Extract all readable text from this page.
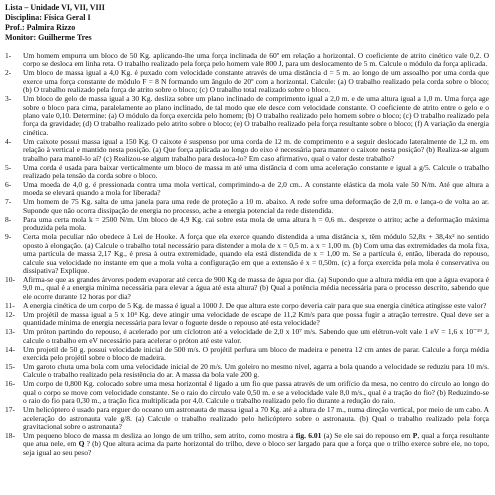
Lista – Unidade VI, VII, VIII
Disciplina: Física Geral I
Prof.: Palmira Rizzo
Monitor: Guilherme Tres
1-	Um homem empurra um bloco de 50 Kg. aplicando-lhe uma força inclinada de 60º em relação a horizontal. O coeficiente de atrito cinético vale 0,2. O corpo se desloca em linha reta. O trabalho realizado pela força pelo homem vale 800 J, para um deslocamento de 5 m. Calcule o módulo da força aplicada.
2-	Um bloco de massa igual a 4,0 Kg. é puxado com velocidade constante através de uma distância d = 5 m. ao longo de um assoalho por uma corda que exerce uma força constante de módulo F = 8 N formando um ângulo de 20º com a horizontal. Calcule: (a) O trabalho realizado pela corda sobre o bloco; (b) O trabalho realizado pela força de atrito sobre o bloco; (c) O trabalho total realizado sobre o bloco.
3-	Um bloco de gelo de massa igual a 30 Kg. desliza sobre um plano inclinado de comprimento igual a 2,0 m. e de uma altura igual a 1,0 m. Uma força age sobre o bloco para cima, paralelamente ao plano inclinado, de tal modo que ele desce com velocidade constante. O coeficiente de atrito entre o gelo e o plano vale 0,10. Determine: (a) O módulo da força exercida pelo homem; (b) O trabalho realizado pelo homem sobre o bloco; (c) O trabalho realizado pela força da gravidade; (d) O trabalho realizado pelo atrito sobre o bloco; (e) O trabalho realizado pela força resultante sobre o bloco; (f) A variação da energia cinética.
4-	Um caixote possui massa igual a 150 Kg. O caixote é suspenso por uma corda de 12 m. de comprimento e a seguir deslocado lateralmente de 1,2 m. em relação à vertical e mantido nesta posição. (a) Que força aplicada ao longo do eixo é necessária para manter o caixote nesta posição? (b) Realiza-se algum trabalho para mantê-lo aí? (c) Realizou-se algum trabalho para desloca-lo? Em caso afirmativo, qual o valor deste trabalho?
5-	Uma corda é usada para baixar verticalmente um bloco de massa m até uma distância d com uma aceleração constante e igual a g/5. Calcule o trabalho realizado pela tensão da corda sobre o bloco.
6-	Uma moeda de 4,0 g. é pressionada contra uma mola vertical, comprimindo-a de 2,0 cm.. A constante elástica da mola vale 50 N/m. Até que altura a moeda se elevará quando a mola for liberada?
7-	Um homem de 75 Kg. salta de uma janela para uma rede de proteção a 10 m. abaixo. A rede sofre uma deformação de 2,0 m. e lança-o de volta ao ar. Suponde que não ocorra dissipação de energia no processo, ache a energia potencial da rede distendida.
8-	Para uma certa mola k = 2500 N/m. Um bloco de 4,9 Kg. cai sobre esta mola de uma altura h = 0,6 m.. despreze o atrito; ache a deformação máxima produzida pela mola.
9-	Certa mola peculiar não obedece à Lei de Hooke. A força que ela exerce quando distendida a uma distância x, têm módulo 52,8x + 38,4x² no sentido oposto à elongação. (a) Calcule o trabalho total necessário para distender a mola de x = 0,5 m. a x = 1,00 m. (b) Com uma das extremidades da mola fixa, uma partícula de massa 2,17 Kg., é presa à outra extremidade, quando ela está distendida de x = 1,00 m. Se a partícula é, então, liberada do repouso, calcule sua velocidade no instante em que a mola volta a configuração em que a extensão é x = 0,50m. (c) a força exercida pela mola é conservativa ou dissipativa? Explique.
10-	Afirma-se que as grandes árvores podem evaporar até cerca de 900 Kg de massa de água por dia. (a) Supondo que a altura média em que a água evapora é 9,0 m., qual é a energia mínima necessária para elevar a água até esta altura? (b) Qual a potência média necessária para o processo descrito, sabendo que ele ocorre durante 12 horas por dia?
11-	A energia cinética de um corpo de 5 Kg. de massa é igual a 1000 J. De que altura este corpo deveria cair para que sua energia cinética atingisse este valor?
12-	Um projétil de massa igual a 5 x 10⁴ Kg. deve atingir uma velocidade de escape de 11,2 Km/s para que possa fugir a atração terrestre. Qual deve ser a quantidade mínima de energia necessária para levar o foguete desde o repouso até esta velocidade?
13-	Um próton partindo do repouso, é acelerado por um cíclotron até a velocidade de 2,0 x 10⁷ m/s. Sabendo que um elétron-volt vale 1 eV = 1,6 x 10⁻¹⁹ J, calcule o trabalho em eV necessário para acelerar o próton até este valor.
14-	Um projetil de 50 g. possui velocidade inicial de 500 m/s. O projétil perfura um bloco de madeira e penetra 12 cm antes de parar. Calcule a força média exercida pelo projétil sobre o bloco de madeira.
15-	Um garoto chuta uma bola com uma velocidade inicial de 20 m/s. Um goleiro no mesmo nível, agarra a bola quando a velocidade se reduziu para 10 m/s. Calcule o trabalho realizado pela resistência do ar. A massa da bola vale 200 g.
16-	Um corpo de 0,800 Kg. colocado sobre uma mesa horizontal é ligado a um fio que passa através de um orifício da mesa, no centro do círculo ao longo do qual o corpo se move com velocidade constante. Se o raio do círculo vale 0,50 m. e se a velocidade vale 8,0 m/s., qual é a tração do fio? (b) Reduzindo-se o raio do fio para 0,30 m., a tração fica multiplicada por 4,0. Calcule o trabalho realizado pelo fio durante a redução do raio.
17-	Um helicóptero é usado para erguer do oceano um astronauta de massa igual a 70 Kg. até a altura de 17 m., numa direção vertical, por meio de um cabo. A aceleração do astronauta vale g/8. (a) Calcule o trabalho realizado pelo helicóptero sobre o astronauta. (b) Qual o trabalho realizado pela força gravitacional sobre o astronauta?
18-	Um pequeno bloco de massa m desliza ao longo de um trilho, sem atrito, como mostra a fig. 6.01 (a) Se ele sai do repouso em P, qual a força resultante que atua nele, em Q ? (b) Que altura acima da parte horizontal do trilho, deve o bloco ser largado para que a força que o trilho exerce sobre ele, no topo, seja igual ao seu peso?
